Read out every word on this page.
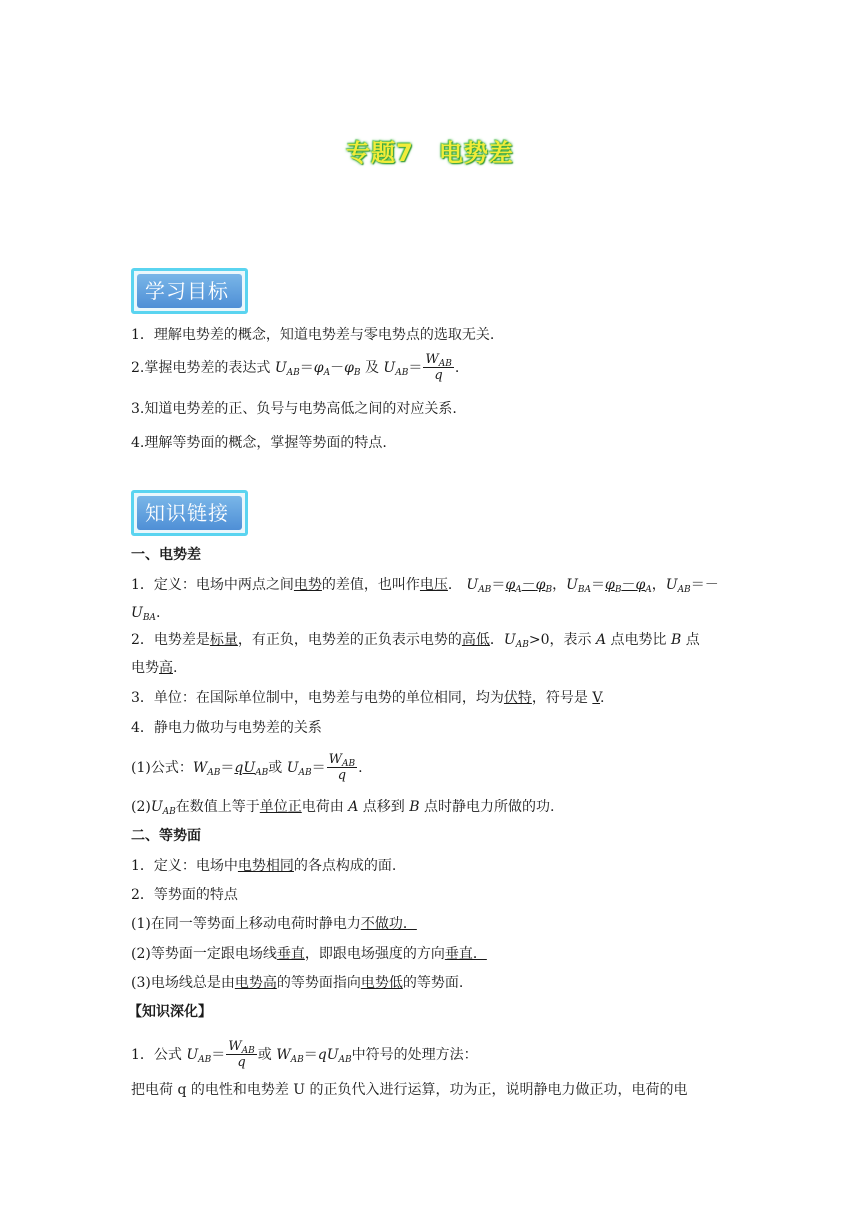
专题7　电势差
学习目标
1．理解电势差的概念，知道电势差与零电势点的选取无关.
2.掌握电势差的表达式 $U_{AB}=\varphi_A-\varphi_B$ 及 $U_{AB}= \frac{W_{AB}}{q}$ .
3.知道电势差的正、负号与电势高低之间的对应关系.
4.理解等势面的概念，掌握等势面的特点.
知识链接
一、电势差
1．定义：电场中两点之间电势的差值，也叫作电压． $U_{AB}=\varphi_A-\varphi_B$，$U_{BA}=\varphi_B-\varphi_A$，$U_{AB}=-$
$U_{BA}$.
2．电势差是标量，有正负，电势差的正负表示电势的高低．$U_{AB}>0$，表示 A 点电势比 B 点
电势高.
3．单位：在国际单位制中，电势差与电势的单位相同，均为伏特，符号是 V.
4．静电力做功与电势差的关系
(1)公式：$W_{AB}=qU_{AB}$或 $U_{AB}= \frac{W_{AB}}{q}$ .
$(2)U_{AB}$在数值上等于单位正电荷由 A 点移到 B 点时静电力所做的功.
二、等势面
1．定义：电场中电势相同的各点构成的面.
2．等势面的特点
(1)在同一等势面上移动电荷时静电力不做功．
(2)等势面一定跟电场线垂直，即跟电场强度的方向垂直．
(3)电场线总是由电势高的等势面指向电势低的等势面.
【知识深化】
1．公式 $U_{AB}= \frac{W_{AB}}{q}$ 或 $W_{AB}=qU_{AB}$中符号的处理方法：
把电荷 q 的电性和电势差 U 的正负代入进行运算，功为正，说明静电力做正功，电荷的电
